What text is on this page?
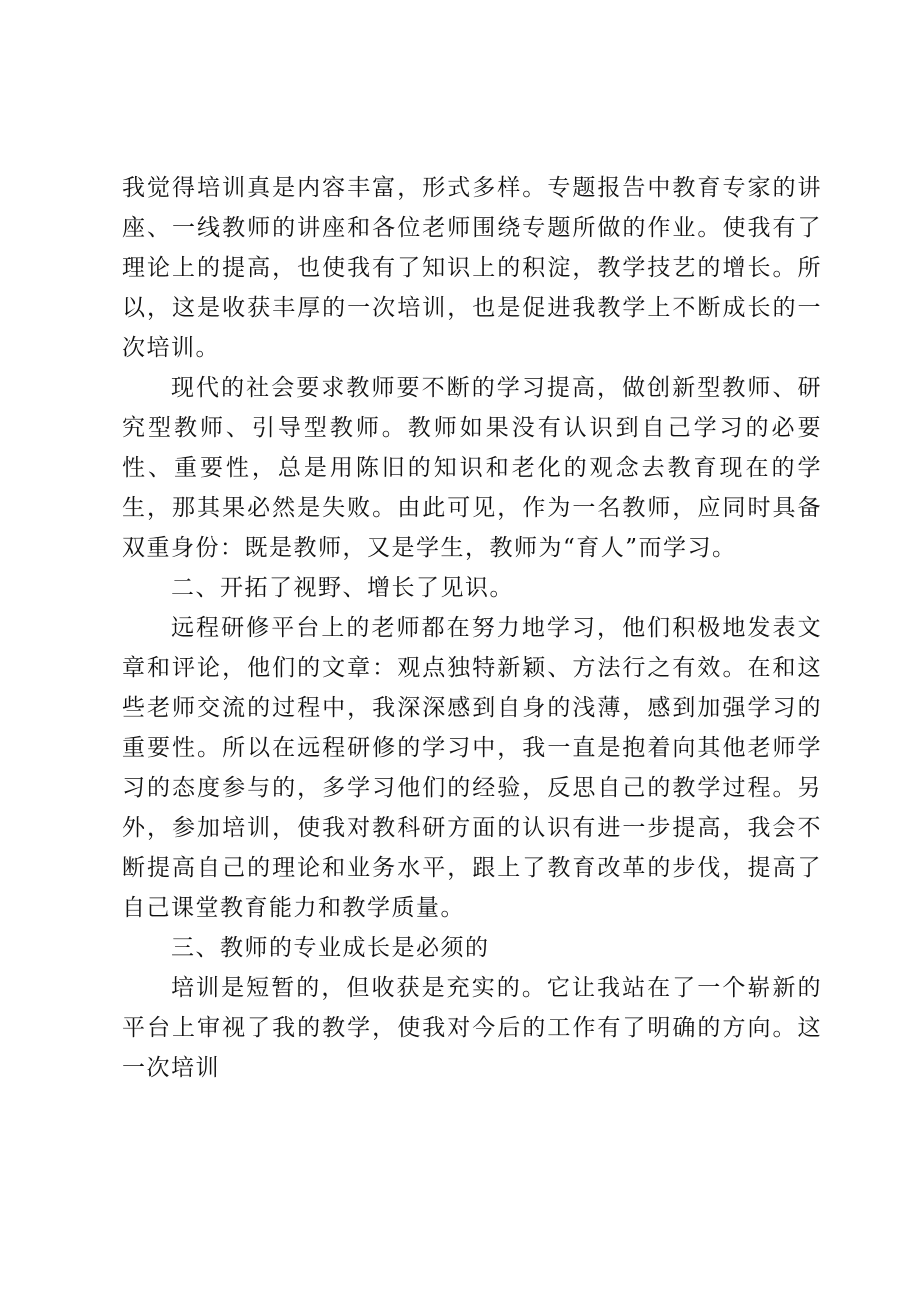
我觉得培训真是内容丰富，形式多样。专题报告中教育专家的讲座、一线教师的讲座和各位老师围绕专题所做的作业。使我有了理论上的提高，也使我有了知识上的积淀，教学技艺的增长。所以，这是收获丰厚的一次培训，也是促进我教学上不断成长的一次培训。

现代的社会要求教师要不断的学习提高，做创新型教师、研究型教师、引导型教师。教师如果没有认识到自己学习的必要性、重要性，总是用陈旧的知识和老化的观念去教育现在的学生，那其果必然是失败。由此可见，作为一名教师，应同时具备双重身份：既是教师，又是学生，教师为“育人”而学习。

二、开拓了视野、增长了见识。

远程研修平台上的老师都在努力地学习，他们积极地发表文章和评论，他们的文章：观点独特新颖、方法行之有效。在和这些老师交流的过程中，我深深感到自身的浅薄，感到加强学习的重要性。所以在远程研修的学习中，我一直是抱着向其他老师学习的态度参与的，多学习他们的经验，反思自己的教学过程。另外，参加培训，使我对教科研方面的认识有进一步提高，我会不断提高自己的理论和业务水平，跟上了教育改革的步伐，提高了自己课堂教育能力和教学质量。

三、教师的专业成长是必须的

培训是短暂的，但收获是充实的。它让我站在了一个崭新的平台上审视了我的教学，使我对今后的工作有了明确的方向。这一次培训
